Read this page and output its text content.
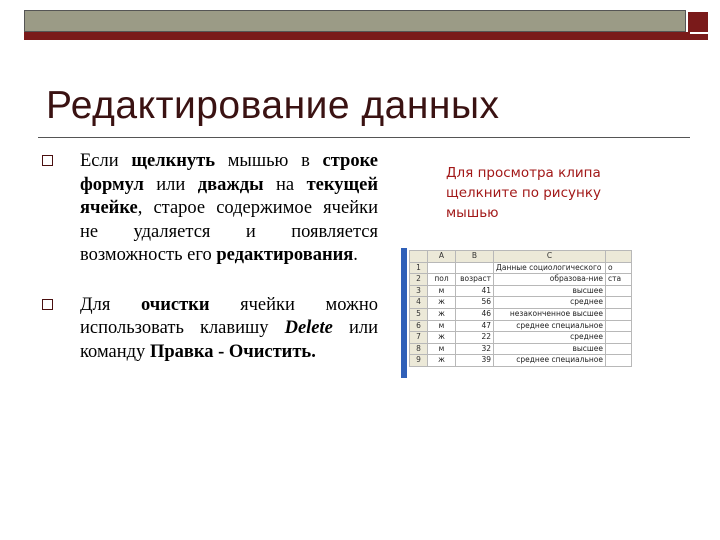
Редактирование данных
Если щелкнуть мышью в строке формул или дважды на текущей ячейке, старое содержимое ячейки не удаляется и появляется возможность его редактирования.
Для очистки ячейки можно использовать клавишу Delete или команду Правка - Очистить.
Для просмотра клипа щелкните по рисунку мышью
	A	B	C	
1			Данные социологического	о
2	пол	возраст	образова-ние	ста
3	м	41	высшее	
4	ж	56	среднее	
5	ж	46	незаконченное высшее	
6	м	47	среднее специальное	
7	ж	22	среднее	
8	м	32	высшее	
9	ж	39	среднее специальное	
